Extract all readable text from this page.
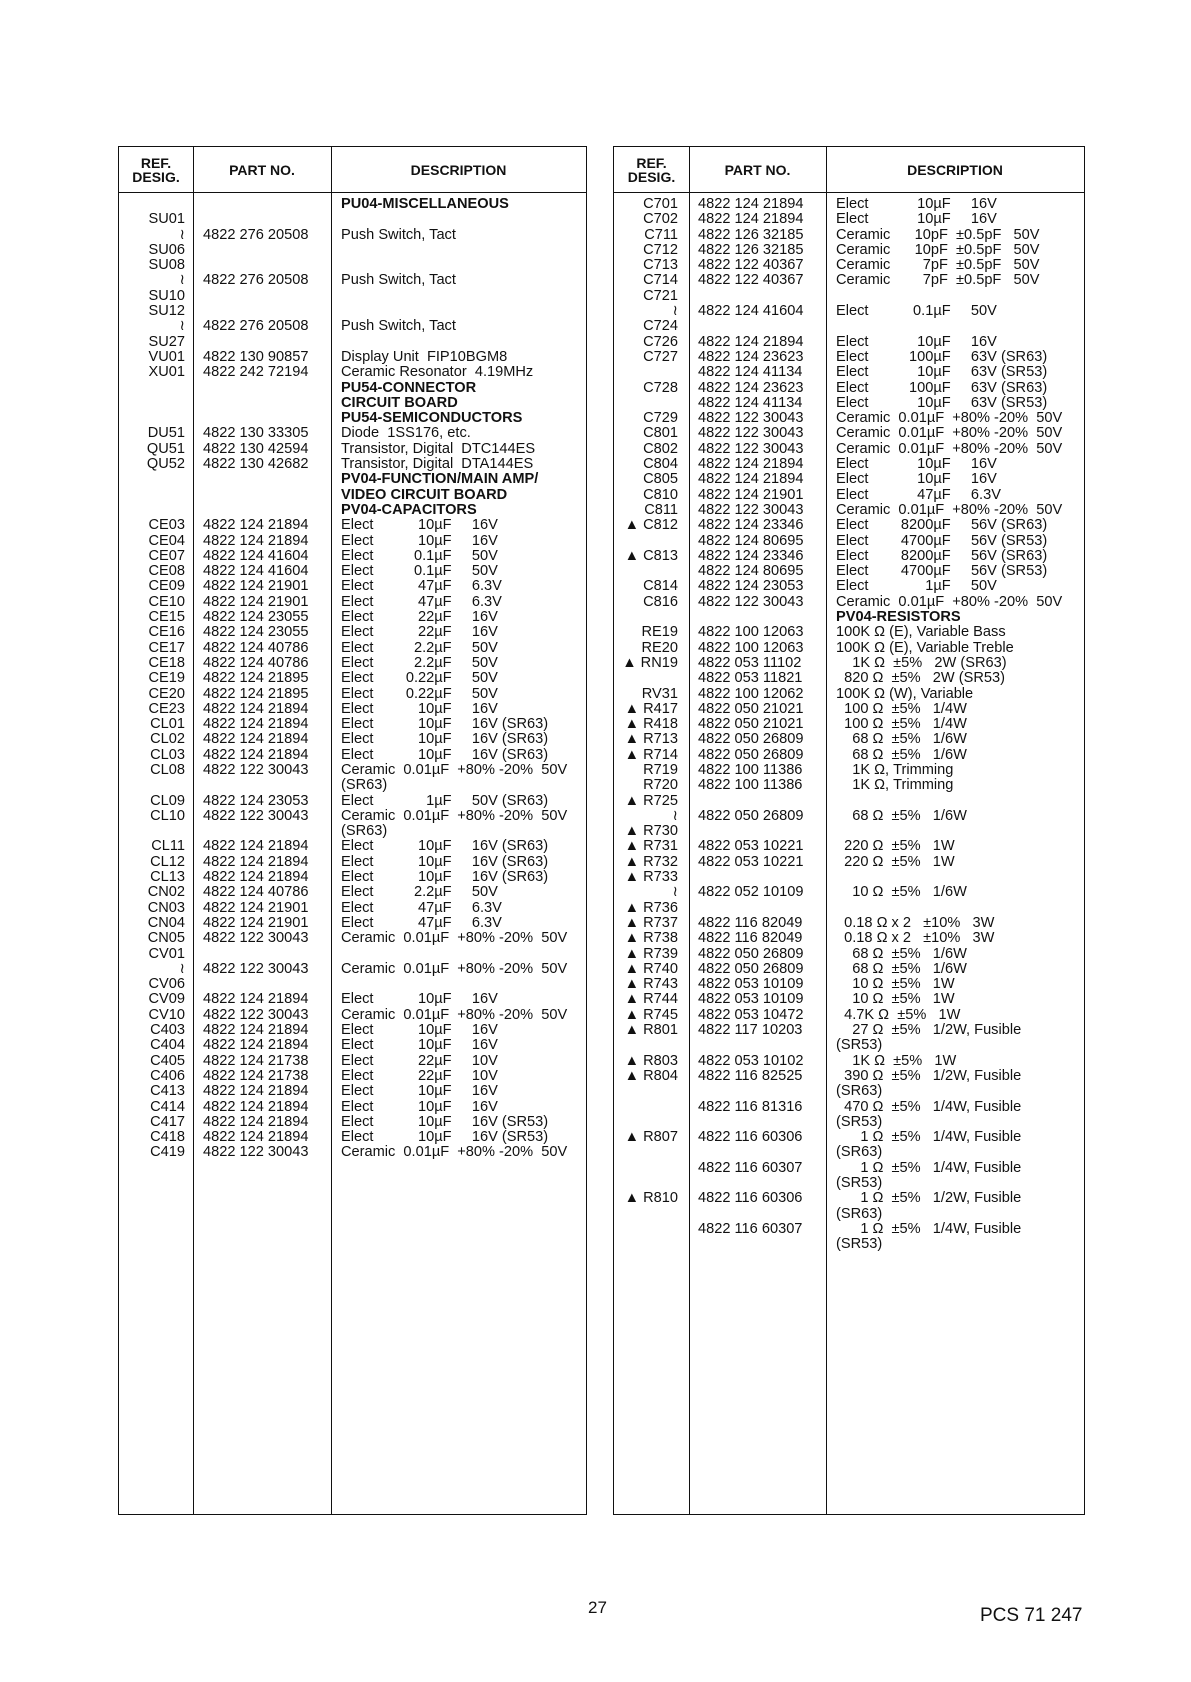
REF.
DESIG.	PART NO.	DESCRIPTION
PU04-MISCELLANEOUS
SU01
≀	4822 276 20508	Push Switch, Tact
SU06
SU08
≀	4822 276 20508	Push Switch, Tact
SU10
SU12
≀	4822 276 20508	Push Switch, Tact
SU27
VU01	4822 130 90857	Display Unit  FIP10BGM8
XU01	4822 242 72194	Ceramic Resonator  4.19MHz
PU54-CONNECTOR
CIRCUIT BOARD
PU54-SEMICONDUCTORS
DU51	4822 130 33305	Diode  1SS176, etc.
QU51	4822 130 42594	Transistor, Digital  DTC144ES
QU52	4822 130 42682	Transistor, Digital  DTA144ES
PV04-FUNCTION/MAIN AMP/
VIDEO CIRCUIT BOARD
PV04-CAPACITORS
CE03	4822 124 21894	Elect           10µF     16V
CE04	4822 124 21894	Elect           10µF     16V
CE07	4822 124 41604	Elect          0.1µF     50V
CE08	4822 124 41604	Elect          0.1µF     50V
CE09	4822 124 21901	Elect           47µF     6.3V
CE10	4822 124 21901	Elect           47µF     6.3V
CE15	4822 124 23055	Elect           22µF     16V
CE16	4822 124 23055	Elect           22µF     16V
CE17	4822 124 40786	Elect          2.2µF     50V
CE18	4822 124 40786	Elect          2.2µF     50V
CE19	4822 124 21895	Elect        0.22µF     50V
CE20	4822 124 21895	Elect        0.22µF     50V
CE23	4822 124 21894	Elect           10µF     16V
CL01	4822 124 21894	Elect           10µF     16V (SR63)
CL02	4822 124 21894	Elect           10µF     16V (SR63)
CL03	4822 124 21894	Elect           10µF     16V (SR63)
CL08	4822 122 30043	Ceramic  0.01µF  +80% -20%  50V
(SR63)
CL09	4822 124 23053	Elect             1µF     50V (SR63)
CL10	4822 122 30043	Ceramic  0.01µF  +80% -20%  50V
(SR63)
CL11	4822 124 21894	Elect           10µF     16V (SR63)
CL12	4822 124 21894	Elect           10µF     16V (SR63)
CL13	4822 124 21894	Elect           10µF     16V (SR63)
CN02	4822 124 40786	Elect          2.2µF     50V
CN03	4822 124 21901	Elect           47µF     6.3V
CN04	4822 124 21901	Elect           47µF     6.3V
CN05	4822 122 30043	Ceramic  0.01µF  +80% -20%  50V
CV01
≀	4822 122 30043	Ceramic  0.01µF  +80% -20%  50V
CV06
CV09	4822 124 21894	Elect           10µF     16V
CV10	4822 122 30043	Ceramic  0.01µF  +80% -20%  50V
C403	4822 124 21894	Elect           10µF     16V
C404	4822 124 21894	Elect           10µF     16V
C405	4822 124 21738	Elect           22µF     10V
C406	4822 124 21738	Elect           22µF     10V
C413	4822 124 21894	Elect           10µF     16V
C414	4822 124 21894	Elect           10µF     16V
C417	4822 124 21894	Elect           10µF     16V (SR53)
C418	4822 124 21894	Elect           10µF     16V (SR53)
C419	4822 122 30043	Ceramic  0.01µF  +80% -20%  50V
REF.
DESIG.	PART NO.	DESCRIPTION
C701	4822 124 21894	Elect            10µF     16V
C702	4822 124 21894	Elect            10µF     16V
C711	4822 126 32185	Ceramic      10pF  ±0.5pF   50V
C712	4822 126 32185	Ceramic      10pF  ±0.5pF   50V
C713	4822 122 40367	Ceramic        7pF  ±0.5pF   50V
C714	4822 122 40367	Ceramic        7pF  ±0.5pF   50V
C721
≀	4822 124 41604	Elect           0.1µF     50V
C724
C726	4822 124 21894	Elect            10µF     16V
C727	4822 124 23623	Elect          100µF     63V (SR63)
4822 124 41134	Elect            10µF     63V (SR53)
C728	4822 124 23623	Elect          100µF     63V (SR63)
4822 124 41134	Elect            10µF     63V (SR53)
C729	4822 122 30043	Ceramic  0.01µF  +80% -20%  50V
C801	4822 122 30043	Ceramic  0.01µF  +80% -20%  50V
C802	4822 122 30043	Ceramic  0.01µF  +80% -20%  50V
C804	4822 124 21894	Elect            10µF     16V
C805	4822 124 21894	Elect            10µF     16V
C810	4822 124 21901	Elect            47µF     6.3V
C811	4822 122 30043	Ceramic  0.01µF  +80% -20%  50V
▲ C812	4822 124 23346	Elect        8200µF     56V (SR63)
4822 124 80695	Elect        4700µF     56V (SR53)
▲ C813	4822 124 23346	Elect        8200µF     56V (SR63)
4822 124 80695	Elect        4700µF     56V (SR53)
C814	4822 124 23053	Elect              1µF     50V
C816	4822 122 30043	Ceramic  0.01µF  +80% -20%  50V
PV04-RESISTORS
RE19	4822 100 12063	100K Ω (E), Variable Bass
RE20	4822 100 12063	100K Ω (E), Variable Treble
▲ RN19	4822 053 11102	1K Ω  ±5%   2W (SR63)
4822 053 11821	820 Ω  ±5%   2W (SR53)
RV31	4822 100 12062	100K Ω (W), Variable
▲ R417	4822 050 21021	100 Ω  ±5%   1/4W
▲ R418	4822 050 21021	100 Ω  ±5%   1/4W
▲ R713	4822 050 26809	68 Ω  ±5%   1/6W
▲ R714	4822 050 26809	68 Ω  ±5%   1/6W
R719	4822 100 11386	1K Ω, Trimming
R720	4822 100 11386	1K Ω, Trimming
▲ R725
≀	4822 050 26809	68 Ω  ±5%   1/6W
▲ R730
▲ R731	4822 053 10221	220 Ω  ±5%   1W
▲ R732	4822 053 10221	220 Ω  ±5%   1W
▲ R733
≀	4822 052 10109	10 Ω  ±5%   1/6W
▲ R736
▲ R737	4822 116 82049	0.18 Ω x 2   ±10%   3W
▲ R738	4822 116 82049	0.18 Ω x 2   ±10%   3W
▲ R739	4822 050 26809	68 Ω  ±5%   1/6W
▲ R740	4822 050 26809	68 Ω  ±5%   1/6W
▲ R743	4822 053 10109	10 Ω  ±5%   1W
▲ R744	4822 053 10109	10 Ω  ±5%   1W
▲ R745	4822 053 10472	4.7K Ω  ±5%   1W
▲ R801	4822 117 10203	27 Ω  ±5%   1/2W, Fusible
(SR53)
▲ R803	4822 053 10102	1K Ω  ±5%   1W
▲ R804	4822 116 82525	390 Ω  ±5%   1/2W, Fusible
(SR63)
4822 116 81316	470 Ω  ±5%   1/4W, Fusible
(SR53)
▲ R807	4822 116 60306	1 Ω  ±5%   1/4W, Fusible
(SR63)
4822 116 60307	1 Ω  ±5%   1/4W, Fusible
(SR53)
▲ R810	4822 116 60306	1 Ω  ±5%   1/2W, Fusible
(SR63)
4822 116 60307	1 Ω  ±5%   1/4W, Fusible
(SR53)
27	PCS 71 247
